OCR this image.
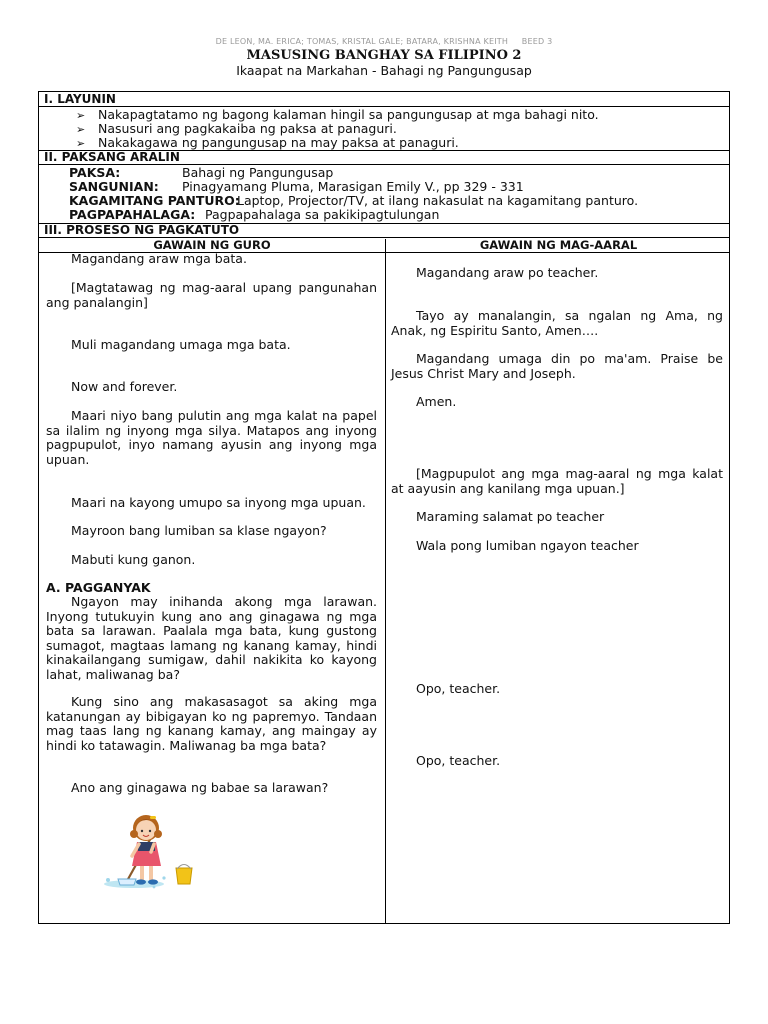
DE LEON, MA. ERICA; TOMAS, KRISTAL GALE; BATARA, KRISHNA KEITH     BEED 3
MASUSING BANGHAY SA FILIPINO 2
Ikaapat na Markahan - Bahagi ng Pangungusap
I. LAYUNIN
➢ Nakapagtatamo ng bagong kalaman hingil sa pangungusap at mga bahagi nito.
➢ Nasusuri ang pagkakaiba ng paksa at panaguri.
➢ Nakakagawa ng pangungusap na may paksa at panaguri.
II. PAKSANG ARALIN
PAKSA:	Bahagi ng Pangungusap
SANGUNIAN: Pinagyamang Pluma, Marasigan Emily V., pp 329 - 331
KAGAMITANG PANTURO:
Laptop, Projector/TV, at ilang nakasulat na kagamitang panturo.
PAGPAPAHALAGA: Pagpapahalaga sa pakikipagtulungan
III. PROSESO NG PAGKATUTO
GAWAIN NG GURO	GAWAIN NG MAG-AARAL
Magandang araw mga bata.
[Magtatawag ng mag-aaral upang pangunahan ang panalangin]
Muli magandang umaga mga bata.
Now and forever.
Maari niyo bang pulutin ang mga kalat na papel sa ilalim ng inyong mga silya. Matapos ang inyong pagpupulot, inyo namang ayusin ang inyong mga upuan.
Maari na kayong umupo sa inyong mga upuan.
Mayroon bang lumiban sa klase ngayon?
Mabuti kung ganon.
A. PAGGANYAK
Ngayon may inihanda akong mga larawan. Inyong tutukuyin kung ano ang ginagawa ng mga bata sa larawan. Paalala mga bata, kung gustong sumagot, magtaas lamang ng kanang kamay, hindi kinakailangang sumigaw, dahil nakikita ko kayong lahat, maliwanag ba?
Kung sino ang makasasagot sa aking mga katanungan ay bibigayan ko ng papremyo. Tandaan mag taas lang ng kanang kamay, ang maingay ay hindi ko tatawagin. Maliwanag ba mga bata?
Ano ang ginagawa ng babae sa larawan?
Magandang araw po teacher.
Tayo ay manalangin, sa ngalan ng Ama, ng Anak, ng Espiritu Santo, Amen….
Magandang umaga din po ma'am. Praise be Jesus Christ Mary and Joseph.
Amen.
[Magpupulot ang mga mag-aaral ng mga kalat at aayusin ang kanilang mga upuan.]
Maraming salamat po teacher
Wala pong lumiban ngayon teacher
Opo, teacher.
Opo, teacher.
